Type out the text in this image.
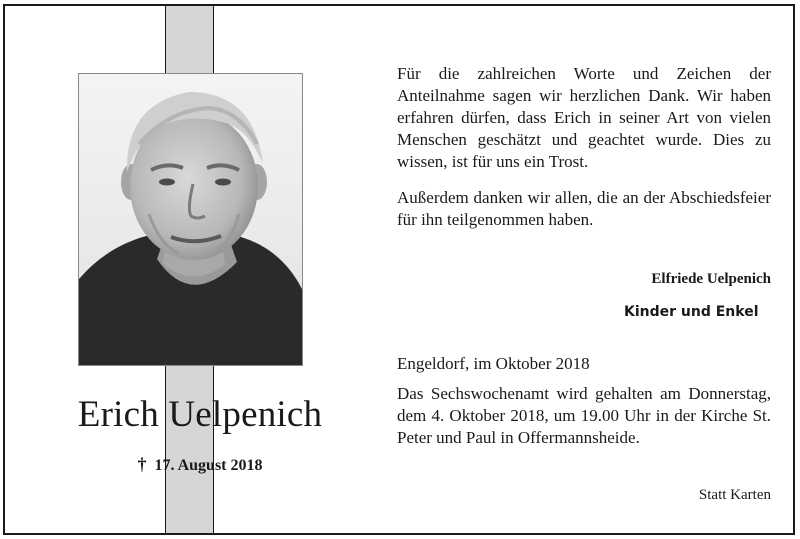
Erich Uelpenich
† 17. August 2018

Für die zahlreichen Worte und Zeichen der Anteilnahme sagen wir herzlichen Dank. Wir haben erfahren dürfen, dass Erich in seiner Art von vielen Menschen geschätzt und geachtet wurde. Dies zu wissen, ist für uns ein Trost.

Außerdem danken wir allen, die an der Abschiedsfeier für ihn teilgenommen haben.

Elfriede Uelpenich
Kinder und Enkel
Engeldorf, im Oktober 2018

Das Sechswochenamt wird gehalten am Donnerstag, dem 4. Oktober 2018, um 19.00 Uhr in der Kirche St. Peter und Paul in Offermannsheide.

Statt Karten
